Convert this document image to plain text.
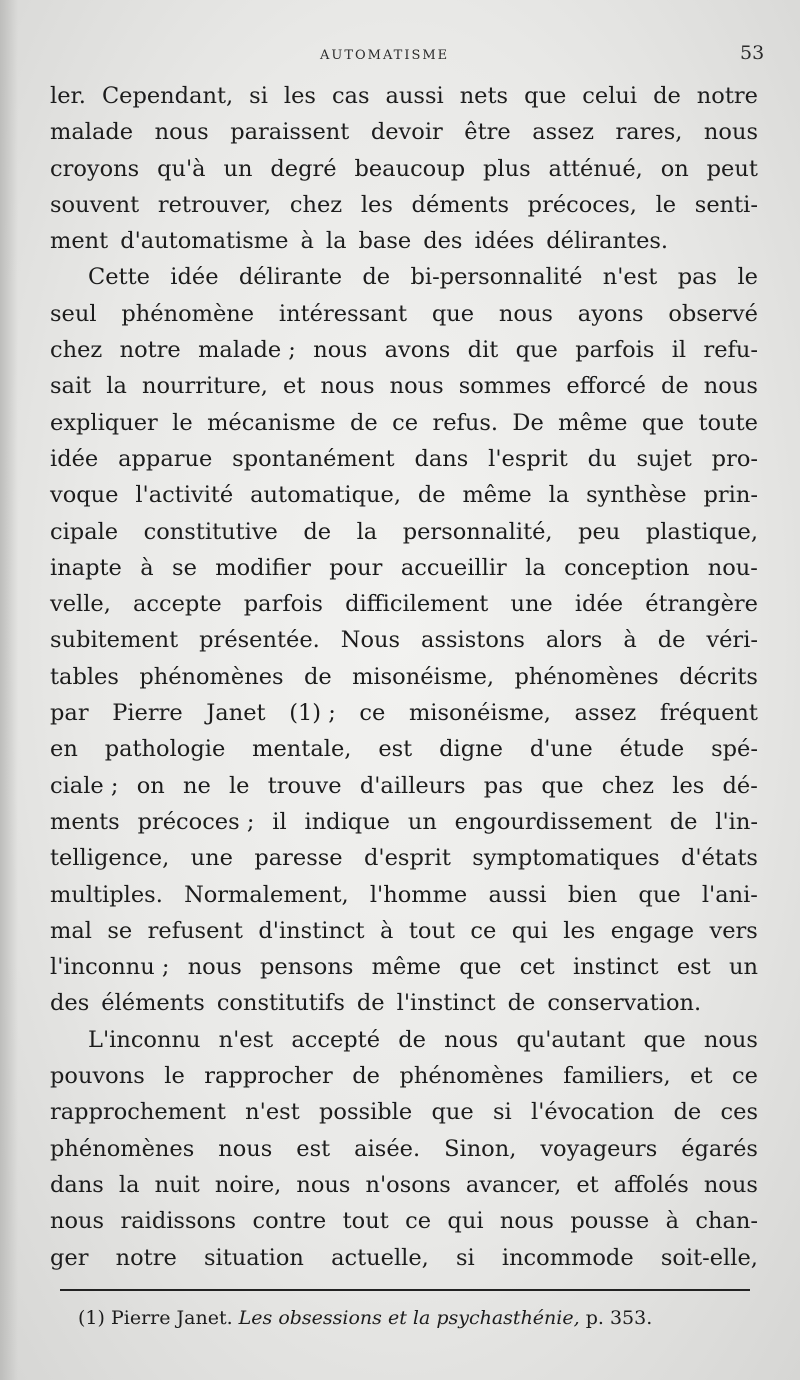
AUTOMATISME	53
ler. Cependant, si les cas aussi nets que celui de notre
malade nous paraissent devoir être assez rares, nous
croyons qu'à un degré beaucoup plus atténué, on peut
souvent retrouver, chez les déments précoces, le senti-
ment d'automatisme à la base des idées délirantes.
Cette idée délirante de bi-personnalité n'est pas le
seul phénomène intéressant que nous ayons observé
chez notre malade ; nous avons dit que parfois il refu-
sait la nourriture, et nous nous sommes efforcé de nous
expliquer le mécanisme de ce refus. De même que toute
idée apparue spontanément dans l'esprit du sujet pro-
voque l'activité automatique, de même la synthèse prin-
cipale constitutive de la personnalité, peu plastique,
inapte à se modifier pour accueillir la conception nou-
velle, accepte parfois difficilement une idée étrangère
subitement présentée. Nous assistons alors à de véri-
tables phénomènes de misonéisme, phénomènes décrits
par Pierre Janet (1) ; ce misonéisme, assez fréquent
en pathologie mentale, est digne d'une étude spé-
ciale ; on ne le trouve d'ailleurs pas que chez les dé-
ments précoces ; il indique un engourdissement de l'in-
telligence, une paresse d'esprit symptomatiques d'états
multiples. Normalement, l'homme aussi bien que l'ani-
mal se refusent d'instinct à tout ce qui les engage vers
l'inconnu ; nous pensons même que cet instinct est un
des éléments constitutifs de l'instinct de conservation.
L'inconnu n'est accepté de nous qu'autant que nous
pouvons le rapprocher de phénomènes familiers, et ce
rapprochement n'est possible que si l'évocation de ces
phénomènes nous est aisée. Sinon, voyageurs égarés
dans la nuit noire, nous n'osons avancer, et affolés nous
nous raidissons contre tout ce qui nous pousse à chan-
ger notre situation actuelle, si incommode soit-elle,
(1) Pierre Janet. Les obsessions et la psychasthénie, p. 353.
